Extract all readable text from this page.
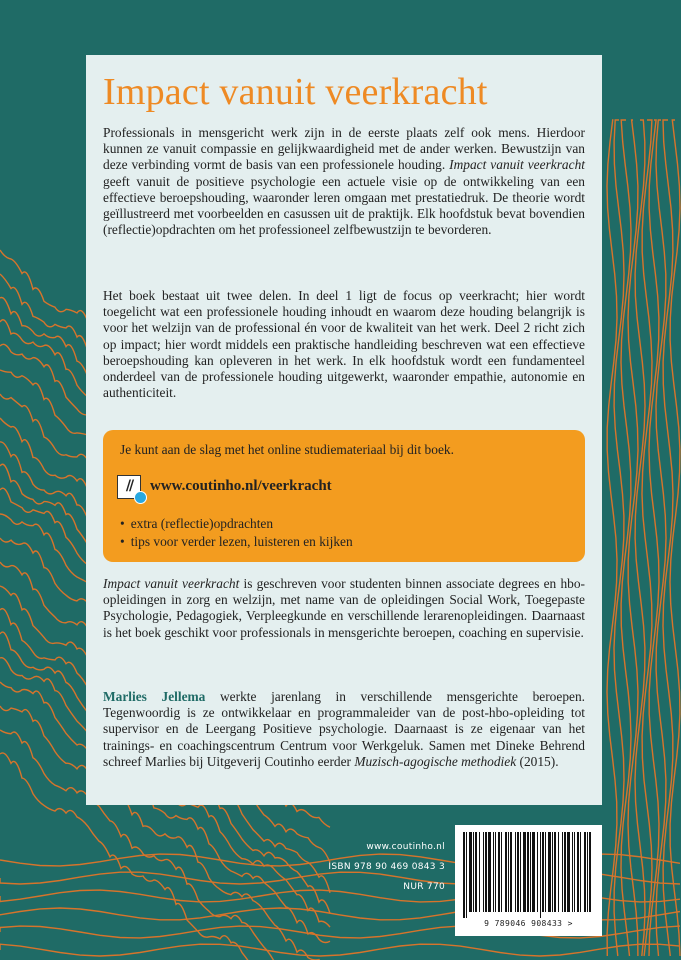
Impact vanuit veerkracht

Professionals in mensgericht werk zijn in de eerste plaats zelf ook mens. Hierdoor kunnen ze vanuit compassie en gelijkwaardigheid met de ander werken. Bewustzijn van deze verbinding vormt de basis van een professionele houding. Impact vanuit veerkracht geeft vanuit de positieve psychologie een actuele visie op de ontwikkeling van een effectieve beroepshouding, waaronder leren omgaan met prestatiedruk. De theorie wordt geïllustreerd met voorbeelden en casussen uit de praktijk. Elk hoofdstuk bevat bovendien (reflectie)opdrachten om het professioneel zelfbewustzijn te bevorderen.

Het boek bestaat uit twee delen. In deel 1 ligt de focus op veerkracht; hier wordt toegelicht wat een professionele houding inhoudt en waarom deze houding belangrijk is voor het welzijn van de professional én voor de kwaliteit van het werk. Deel 2 richt zich op impact; hier wordt middels een praktische handleiding beschreven wat een effectieve beroepshouding kan opleveren in het werk. In elk hoofdstuk wordt een fundamenteel onderdeel van de professionele houding uitgewerkt, waaronder empathie, autonomie en authenticiteit.

Je kunt aan de slag met het online studiemateriaal bij dit boek.

//	www.coutinho.nl/veerkracht

• extra (reflectie)opdrachten
• tips voor verder lezen, luisteren en kijken

Impact vanuit veerkracht is geschreven voor studenten binnen associate degrees en hbo-opleidingen in zorg en welzijn, met name van de opleidingen Social Work, Toegepaste Psychologie, Pedagogiek, Verpleegkunde en verschillende lerarenopleidingen. Daarnaast is het boek geschikt voor professionals in mensgerichte beroepen, coaching en supervisie.

Marlies Jellema werkte jarenlang in verschillende mensgerichte beroepen. Tegenwoordig is ze ontwikkelaar en programmaleider van de post-hbo-opleiding tot supervisor en de Leergang Positieve psychologie. Daarnaast is ze eigenaar van het trainings- en coachingscentrum Centrum voor Werkgeluk. Samen met Dineke Behrend schreef Marlies bij Uitgeverij Coutinho eerder Muzisch-agogische methodiek (2015).

www.coutinho.nl
ISBN 978 90 469 0843 3
NUR 770

9 789046 908433 >
